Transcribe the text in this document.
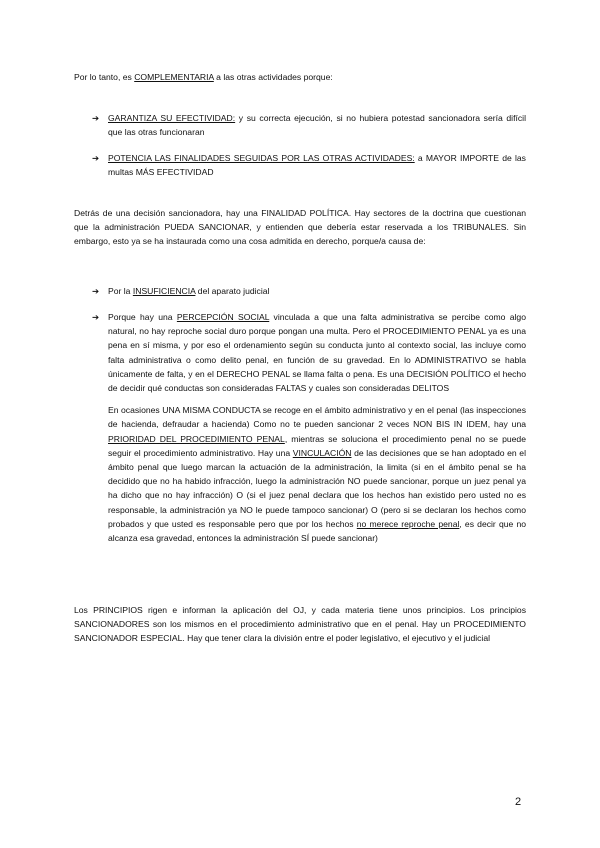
Por lo tanto, es COMPLEMENTARIA a las otras actividades porque:

➔	GARANTIZA SU EFECTIVIDAD: y su correcta ejecución, si no hubiera potestad sancionadora sería difícil que las otras funcionaran

➔	POTENCIA LAS FINALIDADES SEGUIDAS POR LAS OTRAS ACTIVIDADES: a MAYOR IMPORTE de las multas MÁS EFECTIVIDAD

Detrás de una decisión sancionadora, hay una FINALIDAD POLÍTICA. Hay sectores de la doctrina que cuestionan que la administración PUEDA SANCIONAR, y entienden que debería estar reservada a los TRIBUNALES. Sin embargo, esto ya se ha instaurada como una cosa admitida en derecho, porque/a causa de:

➔	Por la INSUFICIENCIA del aparato judicial

➔	Porque hay una PERCEPCIÓN SOCIAL vinculada a que una falta administrativa se percibe como algo natural, no hay reproche social duro porque pongan una multa. Pero el PROCEDIMIENTO PENAL ya es una pena en sí misma, y por eso el ordenamiento según su conducta junto al contexto social, las incluye como falta administrativa o como delito penal, en función de su gravedad. En lo ADMINISTRATIVO se habla únicamente de falta, y en el DERECHO PENAL se llama falta o pena. Es una DECISIÓN POLÍTICO el hecho de decidir qué conductas son consideradas FALTAS y cuales son consideradas DELITOS

En ocasiones UNA MISMA CONDUCTA se recoge en el ámbito administrativo y en el penal (las inspecciones de hacienda, defraudar a hacienda) Como no te pueden sancionar 2 veces NON BIS IN IDEM, hay una PRIORIDAD DEL PROCEDIMIENTO PENAL, mientras se soluciona el procedimiento penal no se puede seguir el procedimiento administrativo. Hay una VINCULACIÓN de las decisiones que se han adoptado en el ámbito penal que luego marcan la actuación de la administración, la limita (si en el ámbito penal se ha decidido que no ha habido infracción, luego la administración NO puede sancionar, porque un juez penal ya ha dicho que no hay infracción) O (si el juez penal declara que los hechos han existido pero usted no es responsable, la administración ya NO le puede tampoco sancionar) O (pero si se declaran los hechos como probados y que usted es responsable pero que por los hechos no merece reproche penal, es decir que no alcanza esa gravedad, entonces la administración SÍ puede sancionar)

Los PRINCIPIOS rigen e informan la aplicación del OJ, y cada materia tiene unos principios. Los principios SANCIONADORES son los mismos en el procedimiento administrativo que en el penal. Hay un PROCEDIMIENTO SANCIONADOR ESPECIAL. Hay que tener clara la división entre el poder legislativo, el ejecutivo y el judicial

2
